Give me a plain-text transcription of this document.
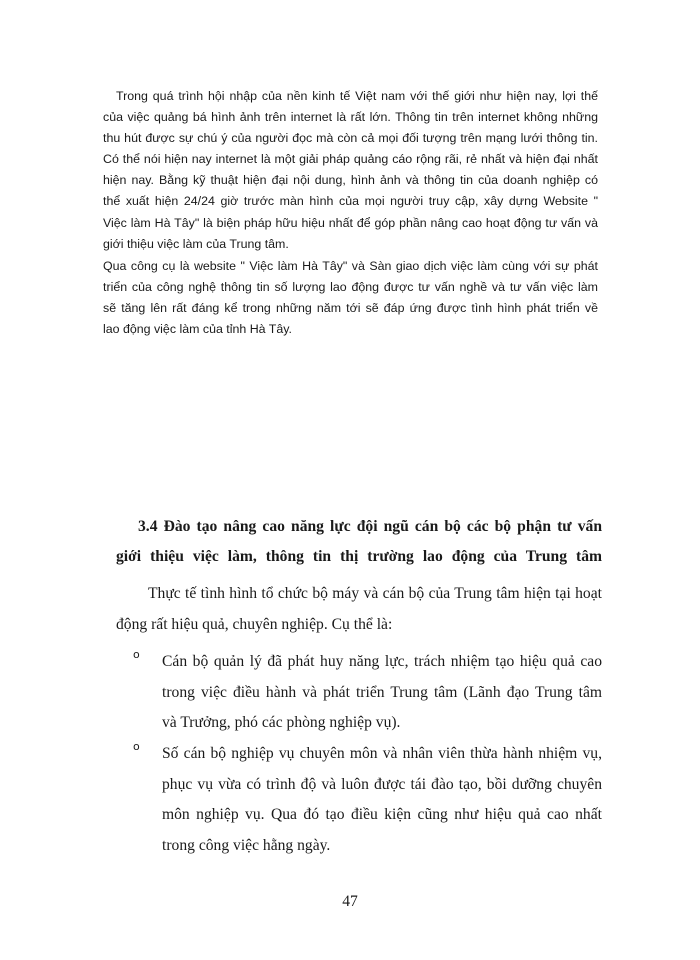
Trong quá trình hội nhập của nền kinh tế Việt nam với thế giới như hiện nay, lợi thế
của việc quảng bá hình ảnh trên internet là rất lớn. Thông tin trên internet không những
thu hút được sự chú ý của người đọc mà còn cả mọi đối tượng trên mạng lưới thông tin.
Có thể nói hiện nay internet là một giải pháp quảng cáo rộng rãi, rẻ nhất và hiện đại nhất
hiện nay. Bằng kỹ thuật hiện đại nội dung, hình ảnh và thông tin của doanh nghiệp có
thể xuất hiện 24/24 giờ trước màn hình của mọi người truy cập, xây dựng Website "
Việc làm Hà Tây" là biện pháp hữu hiệu nhất để góp phần nâng cao hoạt động tư vấn và
giới thiệu việc làm của Trung tâm.
Qua công cụ là website " Việc làm Hà Tây" và Sàn giao dịch việc làm cùng với sự phát
triển của công nghệ thông tin số lượng lao động được tư vấn nghề và tư vấn việc làm
sẽ tăng lên rất đáng kể trong những năm tới sẽ đáp ứng được tình hình phát triển về
lao động việc làm của tỉnh Hà Tây.
3.4 Đào tạo nâng cao năng lực đội ngũ cán bộ các bộ phận tư vấn
giới thiệu việc làm, thông tin thị trường lao động của Trung tâm
Thực tế tình hình tổ chức bộ máy và cán bộ của Trung tâm hiện tại hoạt
động rất hiệu quả, chuyên nghiệp. Cụ thể là:
o	Cán bộ quản lý đã phát huy năng lực, trách nhiệm tạo hiệu quả cao
trong việc điều hành và phát triển Trung tâm (Lãnh đạo Trung tâm
và Trưởng, phó các phòng nghiệp vụ).
o	Số cán bộ nghiệp vụ chuyên môn và nhân viên thừa hành nhiệm vụ,
phục vụ vừa có trình độ và luôn được tái đào tạo, bồi dưỡng chuyên
môn nghiệp vụ. Qua đó tạo điều kiện cũng như hiệu quả cao nhất
trong công việc hằng ngày.
47
